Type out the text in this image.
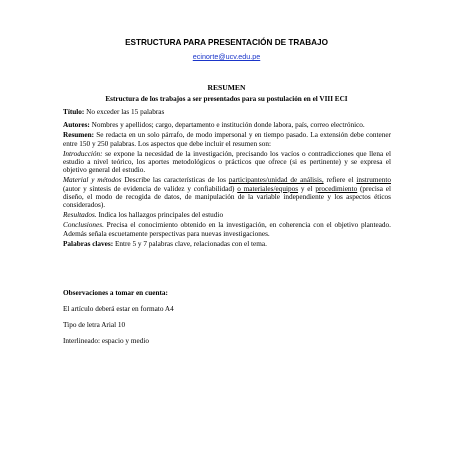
ESTRUCTURA PARA PRESENTACIÓN DE TRABAJO
ecinorte@ucv.edu.pe
RESUMEN
Estructura de los trabajos a ser presentados para su postulación en el VIII ECI

Título: No exceder las 15 palabras

Autores: Nombres y apellidos; cargo, departamento e institución donde labora, país, correo electrónico.

Resumen: Se redacta en un solo párrafo, de modo impersonal y en tiempo pasado. La extensión debe contener entre 150 y 250 palabras. Los aspectos que debe incluir el resumen son:

Introducción: se expone la necesidad de la investigación, precisando los vacíos o contradicciones que llena el estudio a nivel teórico, los aportes metodológicos o prácticos que ofrece (si es pertinente) y se expresa el objetivo general del estudio.

Material y métodos Describe las características de los participantes/unidad de análisis, refiere el instrumento (autor y síntesis de evidencia de validez y confiabilidad) o materiales/equipos y el procedimiento (precisa el diseño, el modo de recogida de datos, de manipulación de la variable independiente y los aspectos éticos considerados).

Resultados. Indica los hallazgos principales del estudio

Conclusiones. Precisa el conocimiento obtenido en la investigación, en coherencia con el objetivo planteado. Además señala escuetamente perspectivas para nuevas investigaciones.

Palabras claves: Entre 5 y 7 palabras clave, relacionadas con el tema.

Observaciones a tomar en cuenta:

El artículo deberá estar en formato A4

Tipo de letra Arial 10

Interlineado: espacio y medio
